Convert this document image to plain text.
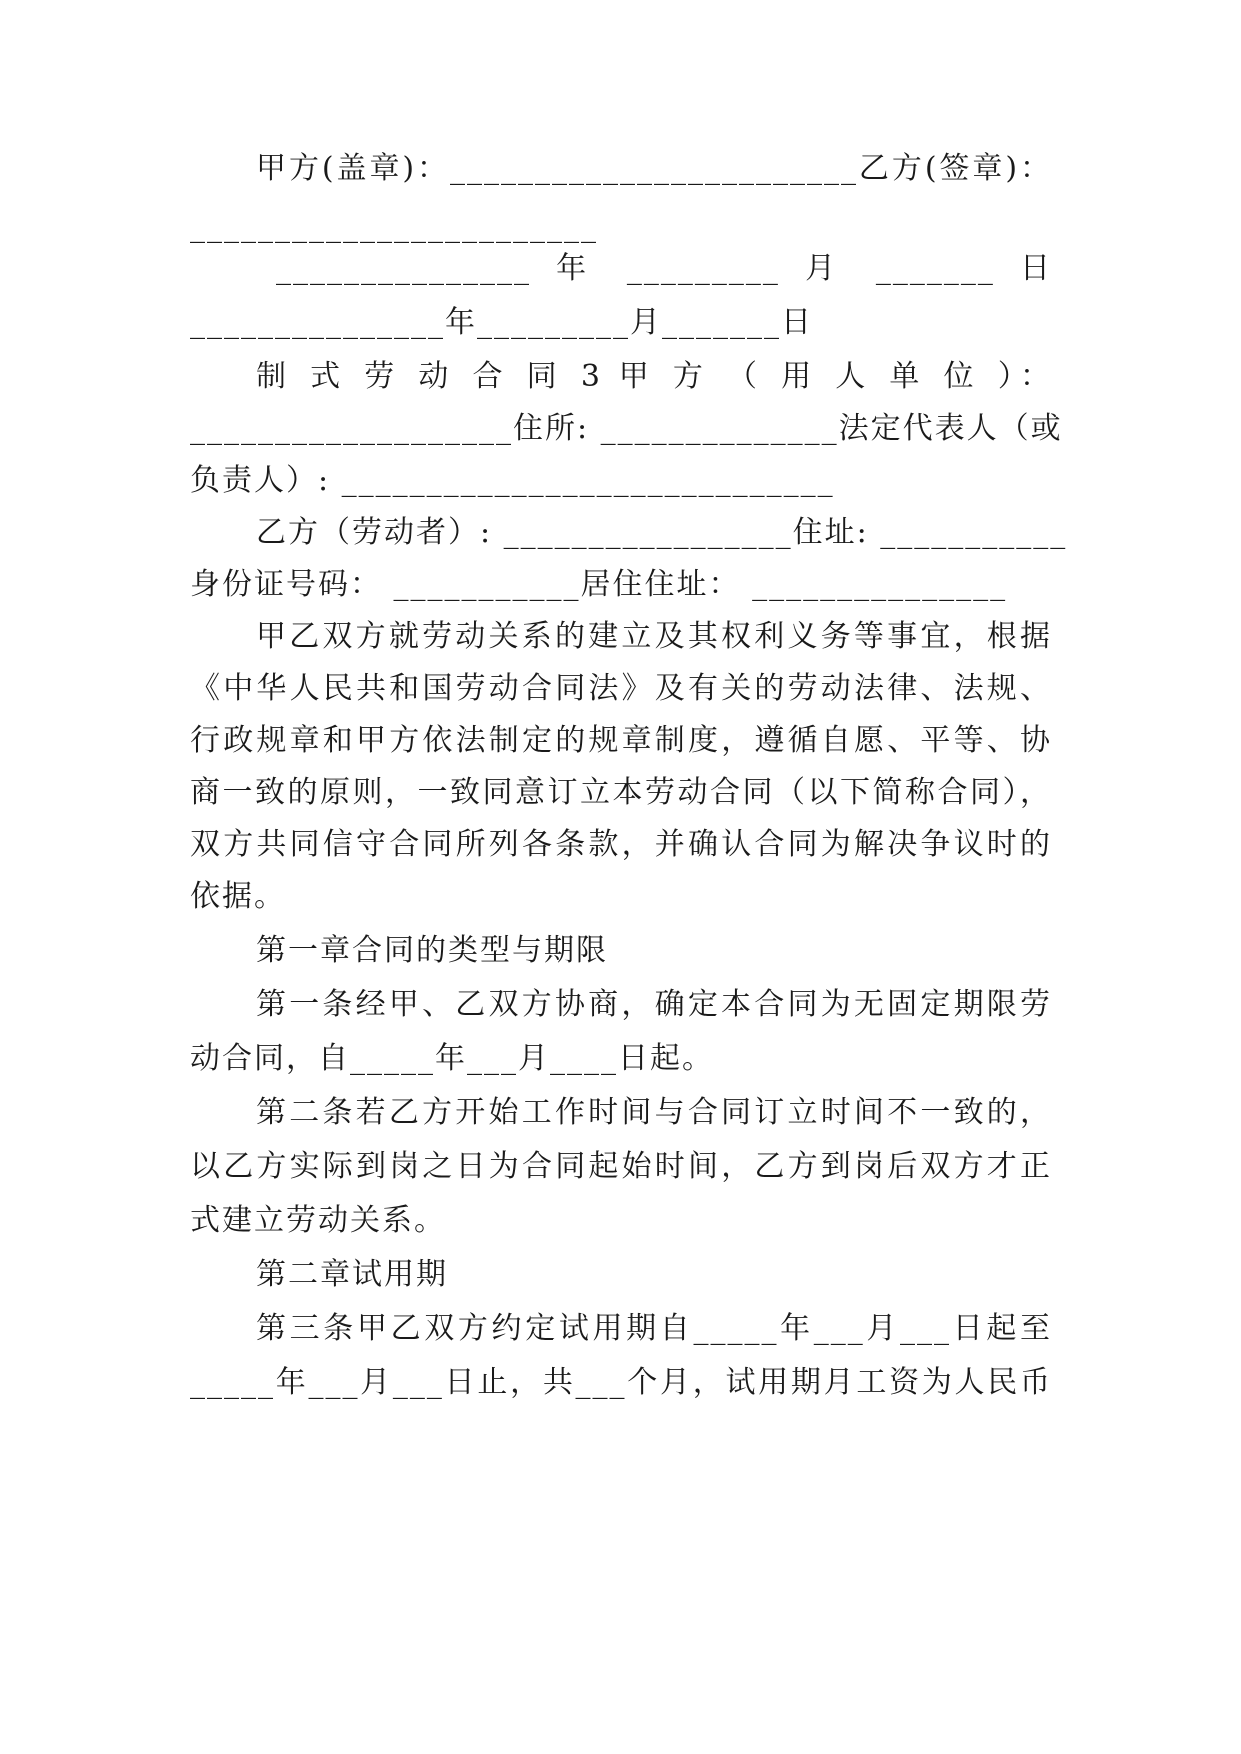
甲方(盖章)：________________________乙方(签章)：
________________________
_______________ 年 _________ 月 _______ 日
_______________年_________月_______日
制 式 劳 动 合 同 3 甲 方 （ 用 人 单 位 ）：
___________________住所: ______________法定代表人（或
负责人）: _____________________________
乙方（劳动者）: _________________住址: ___________
身份证号码： ___________居住住址： _______________
甲乙双方就劳动关系的建立及其权利义务等事宜，根据
《中华人民共和国劳动合同法》及有关的劳动法律、法规、
行政规章和甲方依法制定的规章制度，遵循自愿、平等、协
商一致的原则，一致同意订立本劳动合同（以下简称合同），
双方共同信守合同所列各条款，并确认合同为解决争议时的
依据。
第一章合同的类型与期限
第一条经甲、乙双方协商，确定本合同为无固定期限劳
动合同，自_____年___月____日起。
第二条若乙方开始工作时间与合同订立时间不一致的，
以乙方实际到岗之日为合同起始时间，乙方到岗后双方才正
式建立劳动关系。
第二章试用期
第三条甲乙双方约定试用期自_____年___月___日起至
_____年___月___日止，共___个月，试用期月工资为人民币
